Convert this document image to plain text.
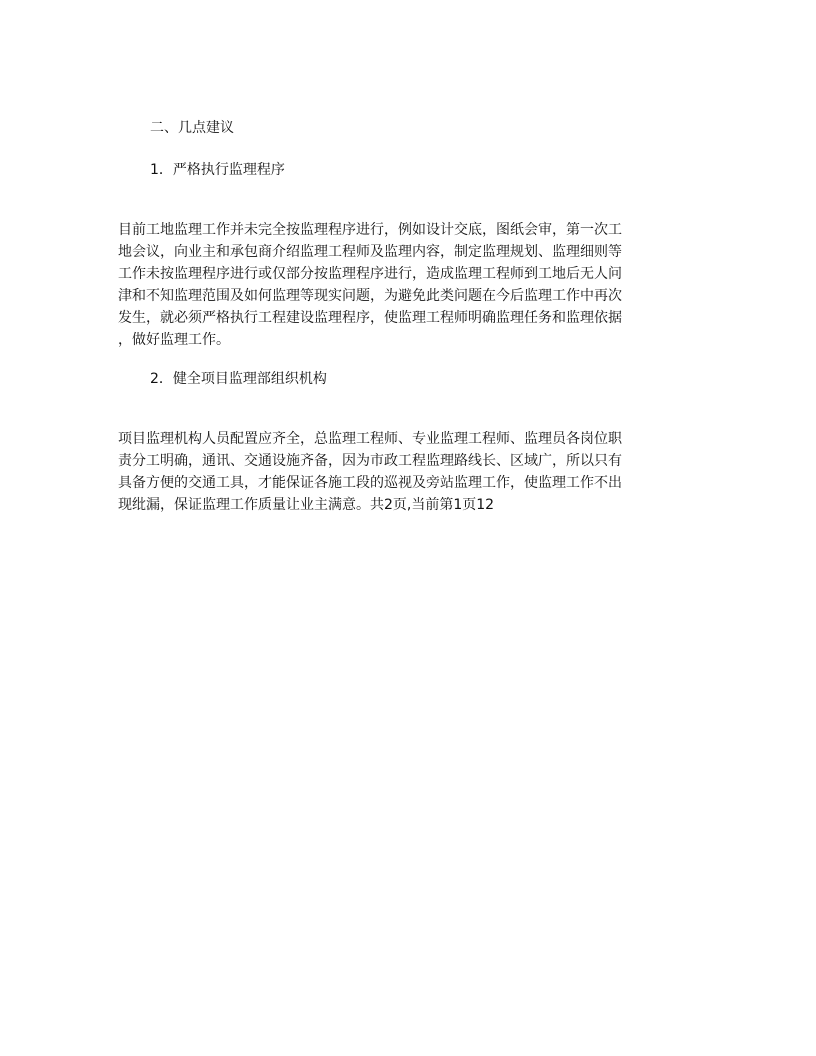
二、几点建议
1．严格执行监理程序
目前工地监理工作并未完全按监理程序进行，例如设计交底，图纸会审，第一次工
地会议，向业主和承包商介绍监理工程师及监理内容，制定监理规划、监理细则等
工作未按监理程序进行或仅部分按监理程序进行，造成监理工程师到工地后无人问
津和不知监理范围及如何监理等现实问题，为避免此类问题在今后监理工作中再次
发生，就必须严格执行工程建设监理程序，使监理工程师明确监理任务和监理依据
，做好监理工作。
2．健全项目监理部组织机构
项目监理机构人员配置应齐全，总监理工程师、专业监理工程师、监理员各岗位职
责分工明确，通讯、交通设施齐备，因为市政工程监理路线长、区域广，所以只有
具备方便的交通工具，才能保证各施工段的巡视及旁站监理工作，使监理工作不出
现纰漏，保证监理工作质量让业主满意。共2页,当前第1页12
